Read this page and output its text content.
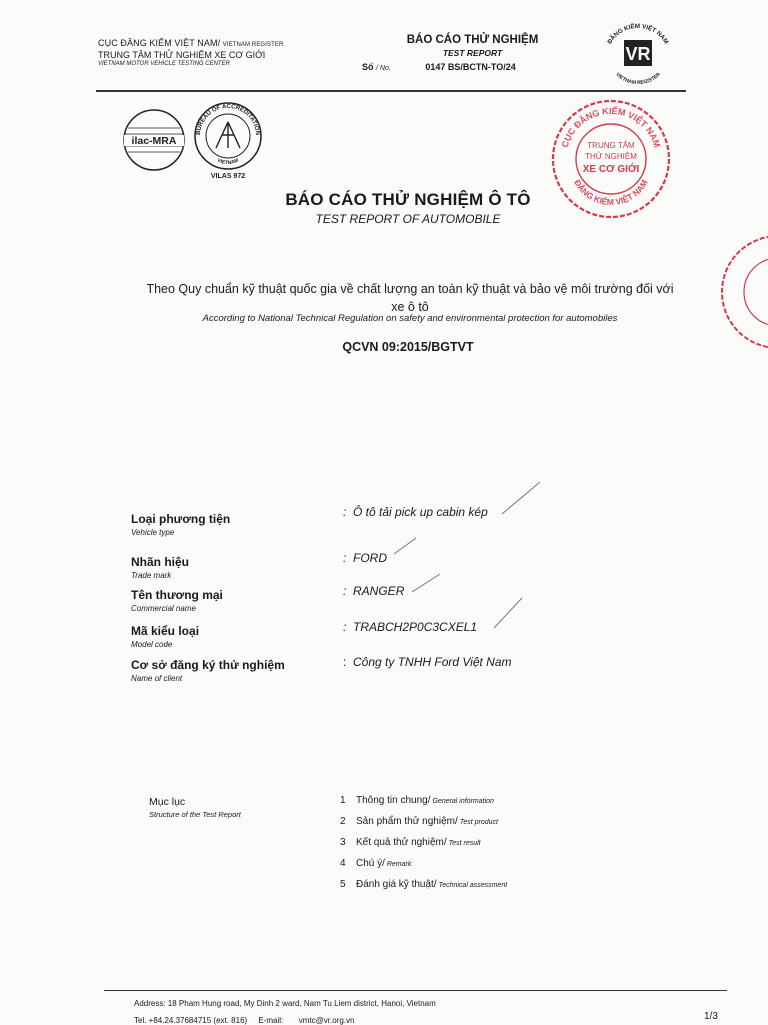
CỤC ĐĂNG KIỂM VIỆT NAM/ VIETNAM REGISTER
TRUNG TÂM THỬ NGHIỆM XE CƠ GIỚI
VIETNAM MOTOR VEHICLE TESTING CENTER
BÁO CÁO THỬ NGHIỆM
TEST REPORT
Số / No.	0147 BS/BCTN-TO/24
ĐĂNG KIỂM VIỆT NAM
VIETNAM REGISTER
VR
ilac-MRA
BUREAU OF ACCREDITATION
VIETNAM
VILAS 972
CỤC ĐĂNG KIỂM VIỆT NAM
ĐĂNG KIỂM VIỆT NAM
TRUNG TÂM
THỬ NGHIỆM
XE CƠ GIỚI
BÁO CÁO THỬ NGHIỆM Ô TÔ
TEST REPORT OF AUTOMOBILE
Theo Quy chuẩn kỹ thuật quốc gia về chất lượng an toàn kỹ thuật và bảo vệ môi trường đối với xe ô tô
According to National Technical Regulation on safety and environmental protection for automobiles
QCVN 09:2015/BGTVT
Loại phương tiện
Vehicle type
: Ô tô tải pick up cabin kép
Nhãn hiệu
Trade mark
: FORD
Tên thương mại
Commercial name
: RANGER
Mã kiểu loại
Model code
: TRABCH2P0C3CXEL1
Cơ sở đăng ký thử nghiệm
Name of client
: Công ty TNHH Ford Việt Nam
Mục lục
Structure of the Test Report
1 Thông tin chung/ General information
2 Sản phẩm thử nghiệm/ Test product
3 Kết quả thử nghiệm/ Test result
4 Chú ý/ Remark
5 Đánh giá kỹ thuật/ Technical assessment
Address: 18 Pham Hung road, My Dinh 2 ward, Nam Tu Liem district, Hanoi, Vietnam
Tel. +84.24.37684715 (ext. 816) E-mail: vmtc@vr.org.vn	1/3
